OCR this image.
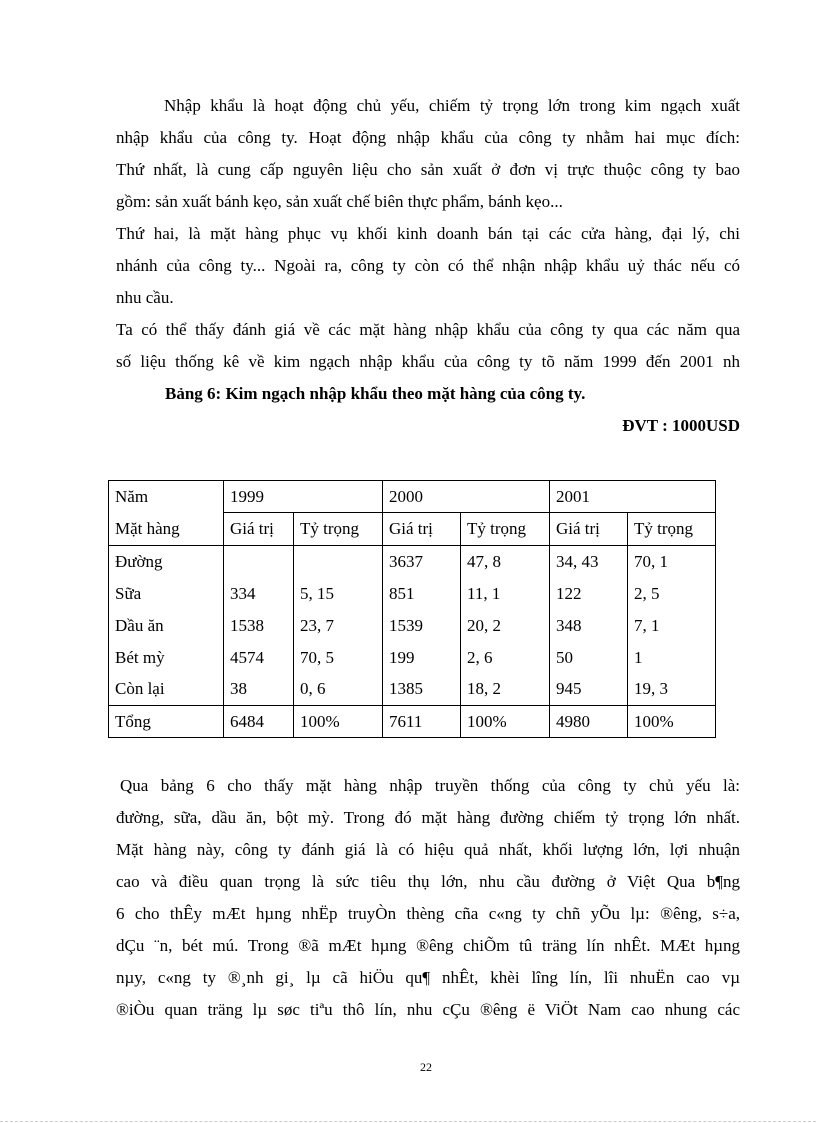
Nhập khẩu là hoạt động chủ yếu, chiếm tỷ trọng lớn trong kim ngạch xuất
nhập khẩu của công ty. Hoạt động nhập khẩu của công ty nhằm hai mục đích:
Thứ nhất, là cung cấp nguyên liệu cho sản xuất ở đơn vị trực thuộc công ty bao
gồm: sản xuất bánh kẹo, sản xuất chế biên thực phẩm, bánh kẹo...
Thứ hai, là mặt hàng phục vụ khối kinh doanh bán tại các cửa hàng, đại lý, chi
nhánh của công ty... Ngoài ra, công ty còn có thể nhận nhập khẩu uỷ thác nếu có
nhu cầu.
Ta có thể thấy đánh giá về các mặt hàng nhập khẩu của công ty qua các năm qua
số liệu thống kê về kim ngạch nhập khẩu của công ty tõ năm 1999 đến 2001 nh
Bảng 6: Kim ngạch nhập khẩu theo mặt hàng của công ty.
ĐVT : 1000USD
Năm	1999		2000		2001	
Mặt hàng	Giá trị	Tỷ trọng	Giá trị	Tỷ trọng	Giá trị	Tỷ trọng
Đường			3637	47, 8	34, 43	70, 1
Sữa	334	5, 15	851	11, 1	122	2, 5
Dầu ăn	1538	23, 7	1539	20, 2	348	7, 1
Bét mỳ	4574	70, 5	199	2, 6	50	1
Còn lại	38	0, 6	1385	18, 2	945	19, 3
Tổng	6484	100%	7611	100%	4980	100%
Qua bảng 6 cho thấy mặt hàng nhập truyền thống của công ty chủ yếu là:
đường, sữa, dầu ăn, bột mỳ. Trong đó mặt hàng đường chiếm tỷ trọng lớn nhất.
Mặt hàng này, công ty đánh giá là có hiệu quả nhất, khối lượng lớn, lợi nhuận
cao và điều quan trọng là sức tiêu thụ lớn, nhu cầu đường ở Việt Qua b¶ng
6 cho thÊy mÆt hµng nhËp truyÒn thèng cña c«ng ty chñ yÕu lµ: ®êng, s÷a,
dÇu ¨n, bét mú. Trong ®ã mÆt hµng ®êng chiÕm tû träng lín nhÊt. MÆt hµng
nµy, c«ng ty ®¸nh gi¸ lµ cã hiÖu qu¶ nhÊt, khèi lîng lín, lîi nhuËn cao vµ
®iÒu quan träng lµ søc tiªu thô lín, nhu cÇu ®êng ë ViÖt Nam cao nhung các
22
